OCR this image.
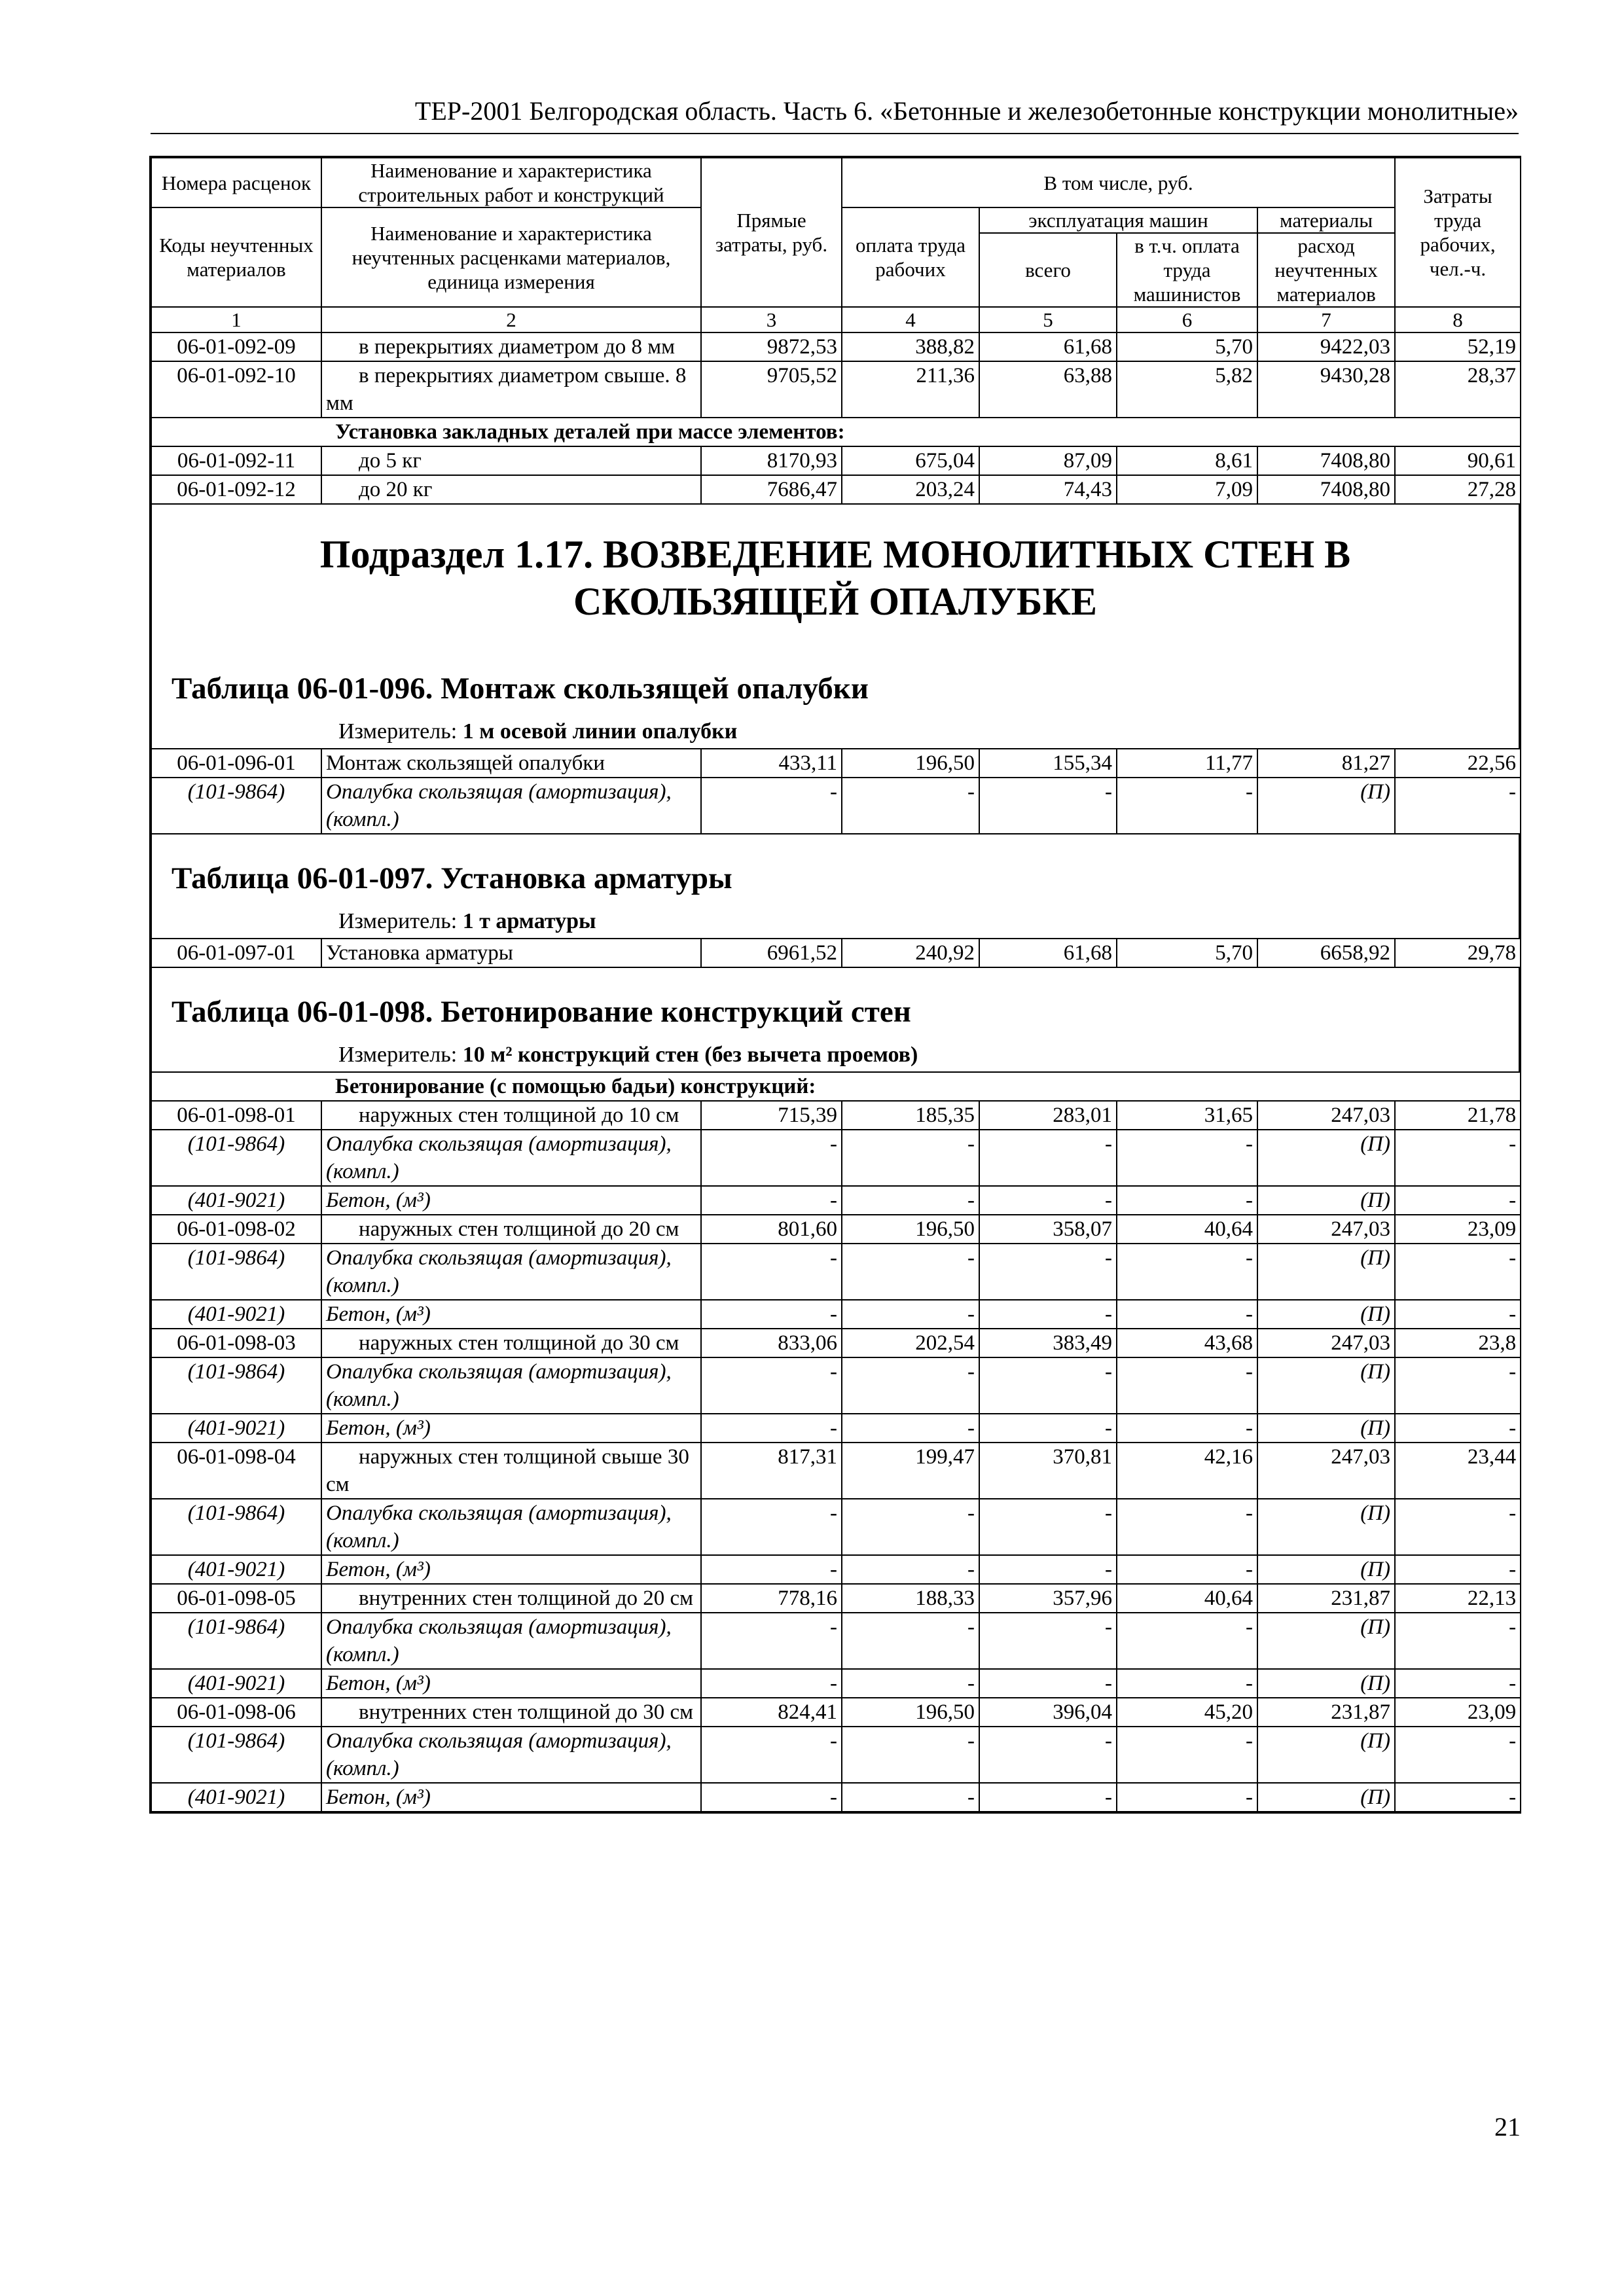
ТЕР-2001 Белгородская область. Часть 6. «Бетонные и железобетонные конструкции монолитные»
Номера расценок	Наименование и характеристика строительных работ и конструкций	Прямые затраты, руб.	В том числе, руб.				Затраты труда рабочих, чел.-ч.
Коды неучтенных материалов	Наименование и характеристика неучтенных расценками материалов, единица измерения		оплата труда рабочих	эксплуатация машин		материалы	
				всего	в т.ч. оплата труда машинистов	расход неучтенных материалов	
1	2	3	4	5	6	7	8
06-01-092-09	в перекрытиях диаметром до 8 мм	9872,53	388,82	61,68	5,70	9422,03	52,19
06-01-092-10	в перекрытиях диаметром свыше. 8 мм	9705,52	211,36	63,88	5,82	9430,28	28,37
Установка закладных деталей при массе элементов:							
06-01-092-11	до 5 кг	8170,93	675,04	87,09	8,61	7408,80	90,61
06-01-092-12	до 20 кг	7686,47	203,24	74,43	7,09	7408,80	27,28
Подраздел 1.17. ВОЗВЕДЕНИЕ МОНОЛИТНЫХ СТЕН В СКОЛЬЗЯЩЕЙ ОПАЛУБКЕ
Таблица 06-01-096. Монтаж скользящей опалубки
Измеритель: 1 м осевой линии опалубки
06-01-096-01	Монтаж скользящей опалубки	433,11	196,50	155,34	11,77	81,27	22,56
(101-9864)	Опалубка скользящая (амортизация), (компл.)	-	-	-	-	(П)	-
Таблица 06-01-097. Установка арматуры
Измеритель: 1 т арматуры
06-01-097-01	Установка арматуры	6961,52	240,92	61,68	5,70	6658,92	29,78
Таблица 06-01-098. Бетонирование конструкций стен
Измеритель: 10 м² конструкций стен (без вычета проемов)
Бетонирование (с помощью бадьи) конструкций:							
06-01-098-01	наружных стен толщиной до 10 см	715,39	185,35	283,01	31,65	247,03	21,78
(101-9864)	Опалубка скользящая (амортизация), (компл.)	-	-	-	-	(П)	-
(401-9021)	Бетон, (м³)	-	-	-	-	(П)	-
06-01-098-02	наружных стен толщиной до 20 см	801,60	196,50	358,07	40,64	247,03	23,09
(101-9864)	Опалубка скользящая (амортизация), (компл.)	-	-	-	-	(П)	-
(401-9021)	Бетон, (м³)	-	-	-	-	(П)	-
06-01-098-03	наружных стен толщиной до 30 см	833,06	202,54	383,49	43,68	247,03	23,8
(101-9864)	Опалубка скользящая (амортизация), (компл.)	-	-	-	-	(П)	-
(401-9021)	Бетон, (м³)	-	-	-	-	(П)	-
06-01-098-04	наружных стен толщиной свыше 30 см	817,31	199,47	370,81	42,16	247,03	23,44
(101-9864)	Опалубка скользящая (амортизация), (компл.)	-	-	-	-	(П)	-
(401-9021)	Бетон, (м³)	-	-	-	-	(П)	-
06-01-098-05	внутренних стен толщиной до 20 см	778,16	188,33	357,96	40,64	231,87	22,13
(101-9864)	Опалубка скользящая (амортизация), (компл.)	-	-	-	-	(П)	-
(401-9021)	Бетон, (м³)	-	-	-	-	(П)	-
06-01-098-06	внутренних стен толщиной до 30 см	824,41	196,50	396,04	45,20	231,87	23,09
(101-9864)	Опалубка скользящая (амортизация), (компл.)	-	-	-	-	(П)	-
(401-9021)	Бетон, (м³)	-	-	-	-	(П)	-
21
